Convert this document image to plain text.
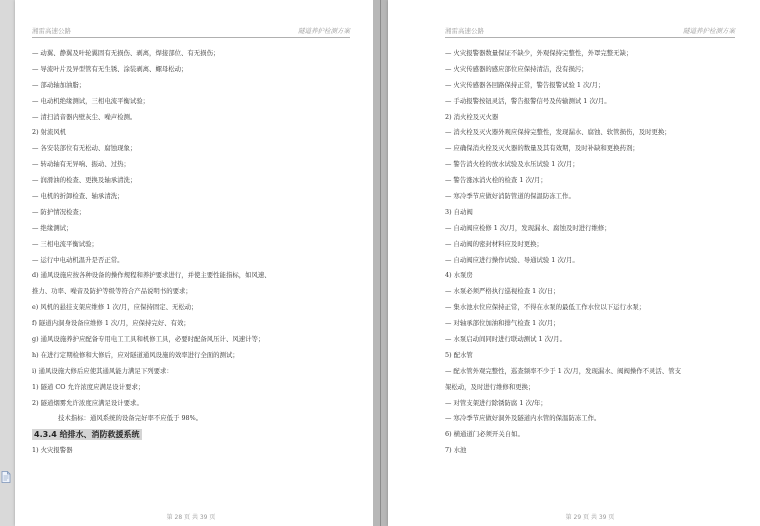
湘雷高速公路	隧道养护检测方案
— 动翼、静翼及叶轮翼固有无损伤、剥离，焊接部位、有无损伤；
— 导流叶片及异型管有无生锈、涂装剥离、螺母松动；
— 部动轴加油脂；
— 电动机绝缘测试，三相电流平衡试验；
— 清扫消音器内壁灰尘、噪声检测。
2) 射流风机
— 各安装部位有无松动、腐蚀现象；
— 转动轴有无异响、振动、过热；
— 润滑油的检查、更换及轴承清洗；
— 电机的折卸检查、轴承清洗；
— 防护情况检查；
— 绝缘测试；
— 三相电流平衡试验；
— 运行中电动机温升是否正常。
d) 通风设施应按各种设备的操作规程和养护要求进行，并使主要性能指标，如风速、
推力、功率、噪音及防护等级等符合产品说明书的要求；
e) 风机的悬挂支架应维修 1 次/月，应保持固定、无松动；
f) 隧道内洞身设备应维修 1 次/月，应保持完好、有效；
g) 通风设施养护应配备专用电工工具和机修工具，必要时配备风压计、风速计等；
h) 在进行定期检修和大修后，应对隧道通风设施的效率进行全面的测试；
i) 通风设施大修后应使其通风能力满足下列要求：
1) 隧道 CO 允许浓度应满足设计要求；
2) 隧道烟雾允许浓度应满足设计要求。
技术指标：通风系统的设备完好率不应低于 98%。
4.3.4 给排水、消防救援系统
1) 火灾报警器
第 28 页 共 39 页
湘雷高速公路	隧道养护检测方案
— 火灾报警器数量保证不缺少，外观保持完整性，外罩完整无缺；
— 火灾传感器的感应部位应保持清洁，没有损污；
— 火灾传感器各回路保持正常，警告报警试验 1 次/月；
— 手动报警按钮灵活，警告报警信号及传输测试 1 次/月。
2) 消火栓及灭火器
— 消火栓及灭火器外观应保持完整性，发现漏水、腐蚀、软管损伤，及时更换；
— 应确保消火栓及灭火器的数量及其有效期，及时补缺和更换药剂；
— 警告消火栓的放水试验及水压试验 1 次/月；
— 警告涨冰消火栓的检查 1 次/月；
— 寒冷季节应做好消防管道的保温防冻工作。
3) 自动阀
— 自动阀应检修 1 次/月，发现漏水、腐蚀及时进行维修；
— 自动阀的密封材料应及时更换；
— 自动阀应进行操作试验、导通试验 1 次/月。
4) 水泵房
— 水泵必须严格执行巡视检查 1 次/日；
— 集水池水位应保持正常，不得在水泵的最低工作水位以下运行水泵；
— 对轴承部位加油和排气检查 1 次/月；
— 水泵启动间同时进行联动测试 1 次/月。
5) 配水管
— 配水管外观完整性，巡查频率不少于 1 次/月，发现漏水、阀阀操作不灵活、管支
架松动，及时进行维修和更换；
— 对管支架进行除锈防腐 1 次/年；
— 寒冷季节应做好洞外及隧道内水管的保温防冻工作。
6) 横通道门必须开关自如。
7) 水池
第 29 页 共 39 页
